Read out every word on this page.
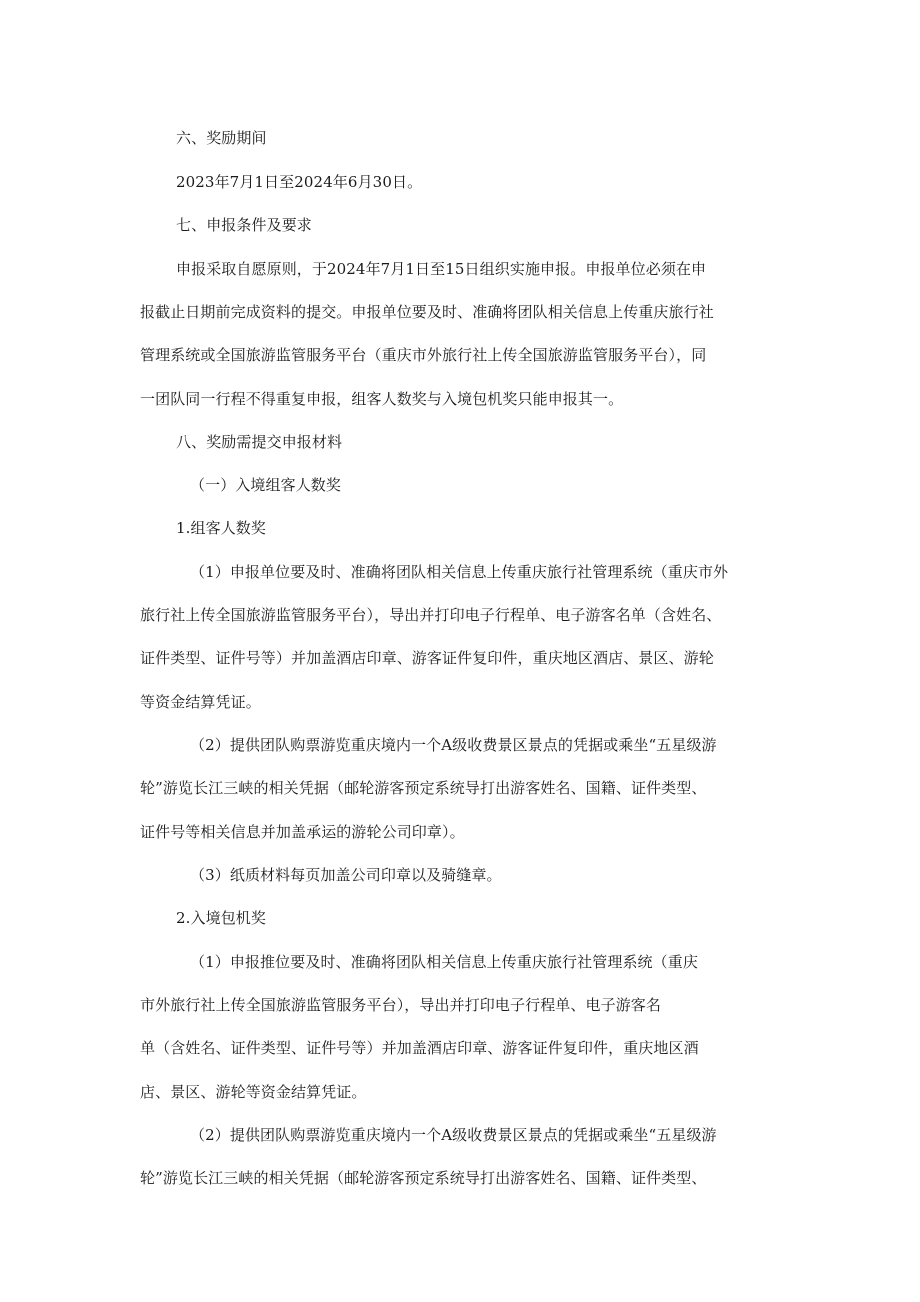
六、奖励期间
2023年7月1日至2024年6月30日。
七、申报条件及要求
申报采取自愿原则，于2024年7月1日至15日组织实施申报。申报单位必须在申
报截止日期前完成资料的提交。申报单位要及时、准确将团队相关信息上传重庆旅行社
管理系统或全国旅游监管服务平台（重庆市外旅行社上传全国旅游监管服务平台），同
一团队同一行程不得重复申报，组客人数奖与入境包机奖只能申报其一。
八、奖励需提交申报材料
（一）入境组客人数奖
1.组客人数奖
（1）申报单位要及时、准确将团队相关信息上传重庆旅行社管理系统（重庆市外
旅行社上传全国旅游监管服务平台），导出并打印电子行程单、电子游客名单（含姓名、
证件类型、证件号等）并加盖酒店印章、游客证件复印件，重庆地区酒店、景区、游轮
等资金结算凭证。
（2）提供团队购票游览重庆境内一个A级收费景区景点的凭据或乘坐“五星级游
轮”游览长江三峡的相关凭据（邮轮游客预定系统导打出游客姓名、国籍、证件类型、
证件号等相关信息并加盖承运的游轮公司印章）。
（3）纸质材料每页加盖公司印章以及骑缝章。
2.入境包机奖
（1）申报推位要及时、准确将团队相关信息上传重庆旅行社管理系统（重庆
市外旅行社上传全国旅游监管服务平台），导出并打印电子行程单、电子游客名
单（含姓名、证件类型、证件号等）并加盖酒店印章、游客证件复印件，重庆地区酒
店、景区、游轮等资金结算凭证。
（2）提供团队购票游览重庆境内一个A级收费景区景点的凭据或乘坐“五星级游
轮”游览长江三峡的相关凭据（邮轮游客预定系统导打出游客姓名、国籍、证件类型、
